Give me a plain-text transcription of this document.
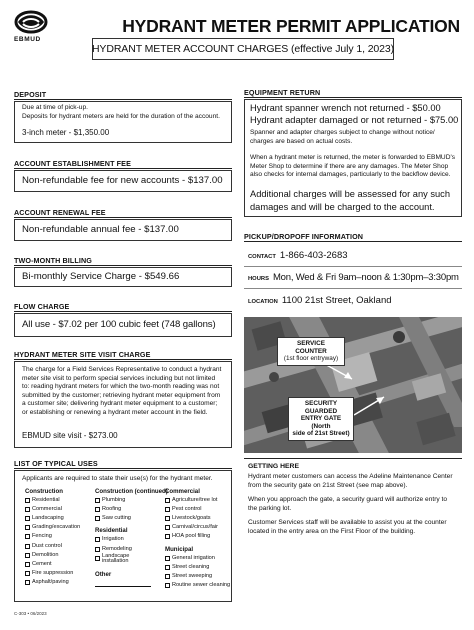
EBMUD
HYDRANT METER PERMIT APPLICATION
HYDRANT METER ACCOUNT CHARGES (effective July 1, 2023)
DEPOSIT
Due at time of pick-up.
Deposits for hydrant meters are held for the duration of the account.
3-inch meter - $1,350.00
ACCOUNT ESTABLISHMENT FEE
Non-refundable fee for new accounts - $137.00
ACCOUNT RENEWAL FEE
Non-refundable annual fee - $137.00
TWO-MONTH BILLING
Bi-monthly Service Charge - $549.66
FLOW CHARGE
All use - $7.02 per 100 cubic feet (748 gallons)
HYDRANT METER SITE VISIT CHARGE
The charge for a Field Services Representative to conduct a hydrant
meter site visit to perform special services including but not limited
to: reading hydrant meters for which the two-month reading was not
submitted by the customer; retrieving hydrant meter equipment from
a customer site; delivering hydrant meter equipment to a customer;
or establishing or renewing a hydrant meter account in the field.
EBMUD site visit - $273.00
LIST OF TYPICAL USES
Applicants are required to state their use(s) for the hydrant meter.
Construction
Residential
Commercial
Landscaping
Grading/excavation
Fencing
Dust control
Demolition
Cement
Fire suppression
Asphalt/paving
Construction (continued)
Plumbing
Roofing
Saw cutting
Residential
Irrigation
Remodeling
Landscape installation
Other
Commercial
Agriculture/tree lot
Pest control
Livestock/goats
Carnival/circus/fair
HOA pool filling
Municipal
General irrigation
Street cleaning
Street sweeping
Routine sewer cleaning
EQUIPMENT RETURN
Hydrant spanner wrench not returned - $50.00
Hydrant adapter damaged or not returned - $75.00
Spanner and adapter charges subject to change without notice/
charges are based on actual costs.
When a hydrant meter is returned, the meter is forwarded to EBMUD's
Meter Shop to determine if there are any damages. The Meter Shop
also checks for internal damages, particularly to the backflow device.
Additional charges will be assessed for any such
damages and will be charged to the account.
PICKUP/DROPOFF INFORMATION
CONTACT 1-866-403-2683
HOURS Mon, Wed & Fri 9am–noon & 1:30pm–3:30pm
LOCATION 1100 21st Street, Oakland
SERVICE COUNTER
(1st floor entryway)
SECURITY GUARDED
ENTRY GATE (North
side of 21st Street)
GETTING HERE
Hydrant meter customers can access the Adeline Maintenance Center
from the security gate on 21st Street (see map above).
When you approach the gate, a security guard will authorize entry to
the parking lot.
Customer Services staff will be available to assist you at the counter
located in the entry area on the First Floor of the building.
C-303 • 06/2023
